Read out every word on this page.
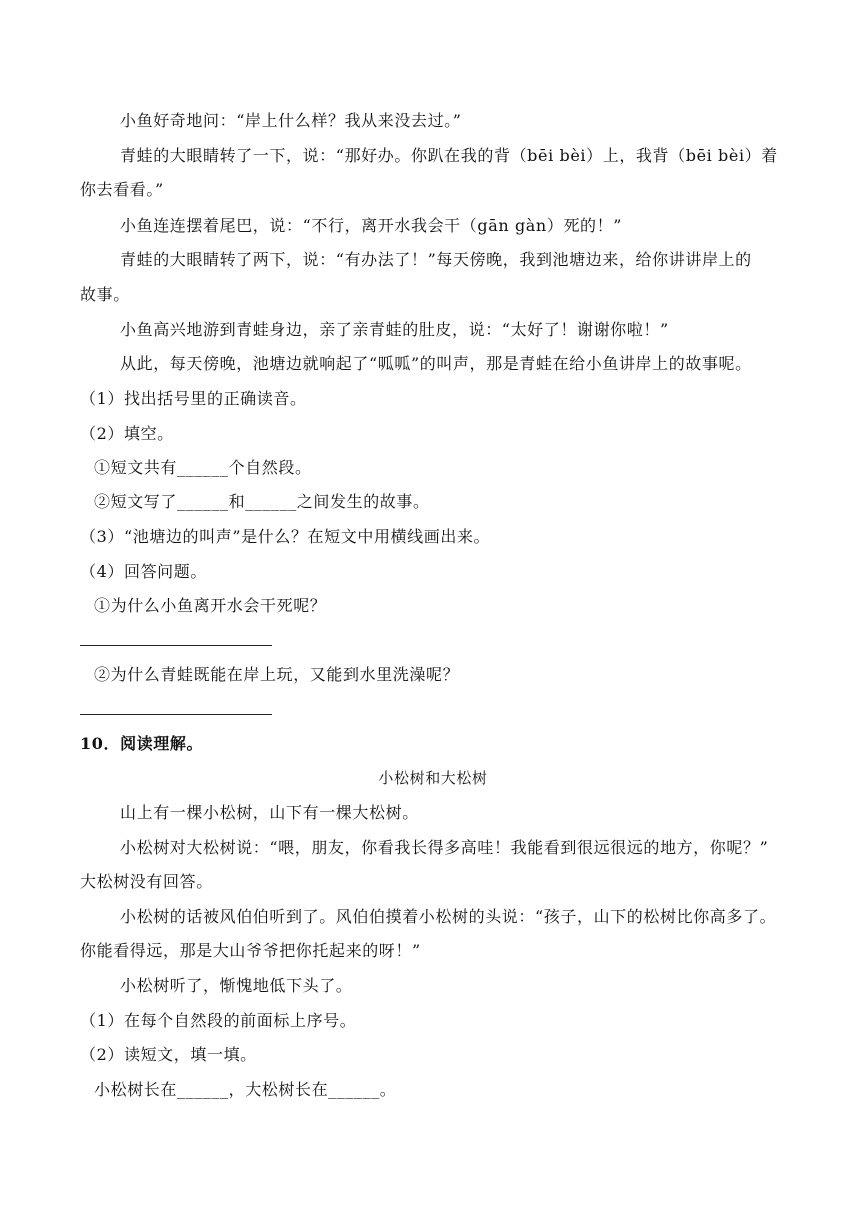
小鱼好奇地问：“岸上什么样？我从来没去过。”
青蛙的大眼睛转了一下，说：“那好办。你趴在我的背（bēi bèi）上，我背（bēi bèi）着
你去看看。”
小鱼连连摆着尾巴，说：“不行，离开水我会干（gān gàn）死的！”
青蛙的大眼睛转了两下，说：“有办法了！”每天傍晚，我到池塘边来，给你讲讲岸上的
故事。
小鱼高兴地游到青蛙身边，亲了亲青蛙的肚皮，说：“太好了！谢谢你啦！”
从此，每天傍晚，池塘边就响起了“呱呱”的叫声，那是青蛙在给小鱼讲岸上的故事呢。
（1）找出括号里的正确读音。
（2）填空。
①短文共有______个自然段。
②短文写了______和______之间发生的故事。
（3）“池塘边的叫声”是什么？在短文中用横线画出来。
（4）回答问题。
①为什么小鱼离开水会干死呢？
②为什么青蛙既能在岸上玩，又能到水里洗澡呢？
10．阅读理解。
小松树和大松树
山上有一棵小松树，山下有一棵大松树。
小松树对大松树说：“喂，朋友，你看我长得多高哇！我能看到很远很远的地方，你呢？”
大松树没有回答。
小松树的话被风伯伯听到了。风伯伯摸着小松树的头说：“孩子，山下的松树比你高多了。
你能看得远，那是大山爷爷把你托起来的呀！”
小松树听了，惭愧地低下头了。
（1）在每个自然段的前面标上序号。
（2）读短文，填一填。
小松树长在______，大松树长在______。
